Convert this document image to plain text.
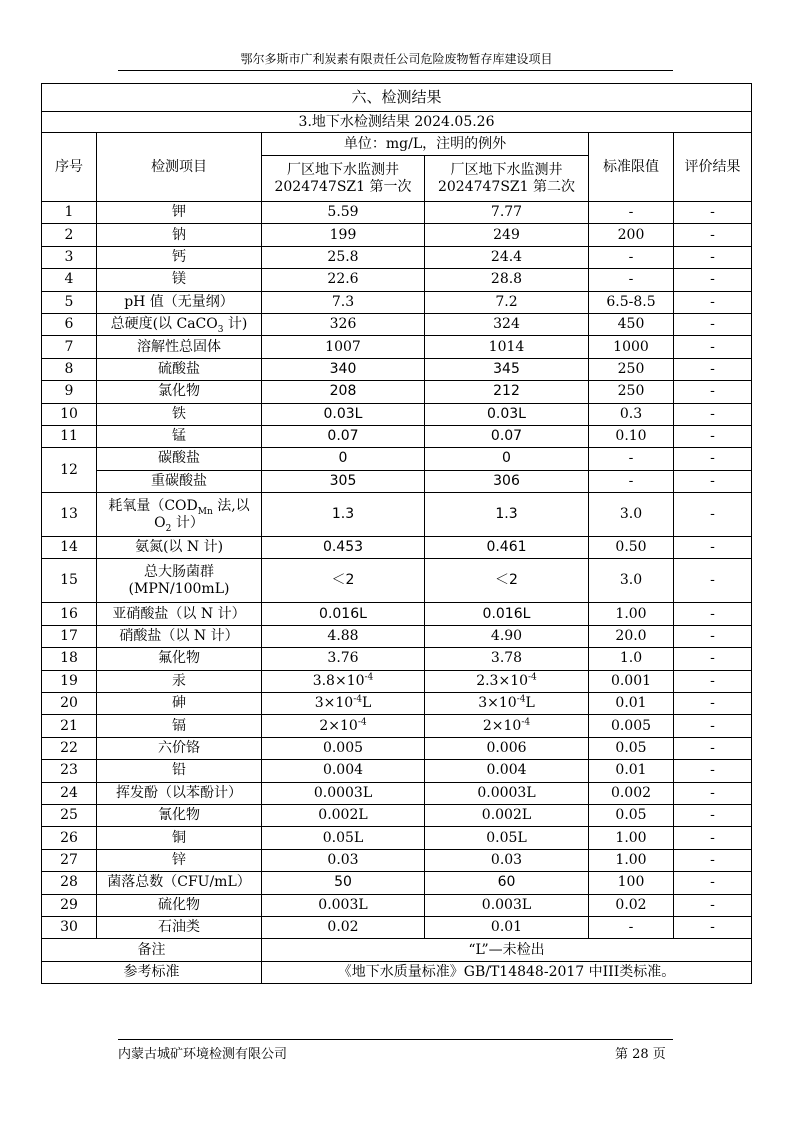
鄂尔多斯市广利炭素有限责任公司危险废物暂存库建设项目
六、检测结果					
3.地下水检测结果 2024.05.26					
序号	检测项目	单位：mg/L，注明的例外		标准限值	评价结果
		厂区地下水监测井 2024747SZ1 第一次	厂区地下水监测井 2024747SZ1 第二次		
1	钾	5.59	7.77	-	-
2	钠	199	249	200	-
3	钙	25.8	24.4	-	-
4	镁	22.6	28.8	-	-
5	pH 值（无量纲）	7.3	7.2	6.5-8.5	-
6	总硬度(以 CaCO$_3$ 计)	326	324	450	-
7	溶解性总固体	1007	1014	1000	-
8	硫酸盐	340	345	250	-
9	氯化物	208	212	250	-
10	铁	0.03L	0.03L	0.3	-
11	锰	0.07	0.07	0.10	-
12	碳酸盐	0	0	-	-
	重碳酸盐	305	306	-	-
13	耗氧量（$COD_{Mn}$ 法,以
$O_2$ 计）	1.3	1.3	3.0	-
14	氨氮(以 N 计)	0.453	0.461	0.50	-
15	总大肠菌群
(MPN/100mL)	＜2	＜2	3.0	-
16	亚硝酸盐（以 N 计）	0.016L	0.016L	1.00	-
17	硝酸盐（以 N 计）	4.88	4.90	20.0	-
18	氟化物	3.76	3.78	1.0	-
19	汞	$3.8\times 10^{-4}$	$2.3\times 10^{-4}$	0.001	-
20	砷	$3\times 10^{-4}L$	$3\times 10^{-4}L$	0.01	-
21	镉	$2\times 10^{-4}$	$2\times 10^{-4}$	0.005	-
22	六价铬	0.005	0.006	0.05	-
23	铅	0.004	0.004	0.01	-
24	挥发酚（以苯酚计）	0.0003L	0.0003L	0.002	-
25	氰化物	0.002L	0.002L	0.05	-
26	铜	0.05L	0.05L	1.00	-
27	锌	0.03	0.03	1.00	-
28	菌落总数（CFU/mL）	50	60	100	-
29	硫化物	0.003L	0.003L	0.02	-
30	石油类	0.02	0.01	-	-
备注		“L”—未检出			
参考标准		《地下水质量标准》GB/T14848-2017 中III类标准。			
内蒙古城矿环境检测有限公司	第 28 页
